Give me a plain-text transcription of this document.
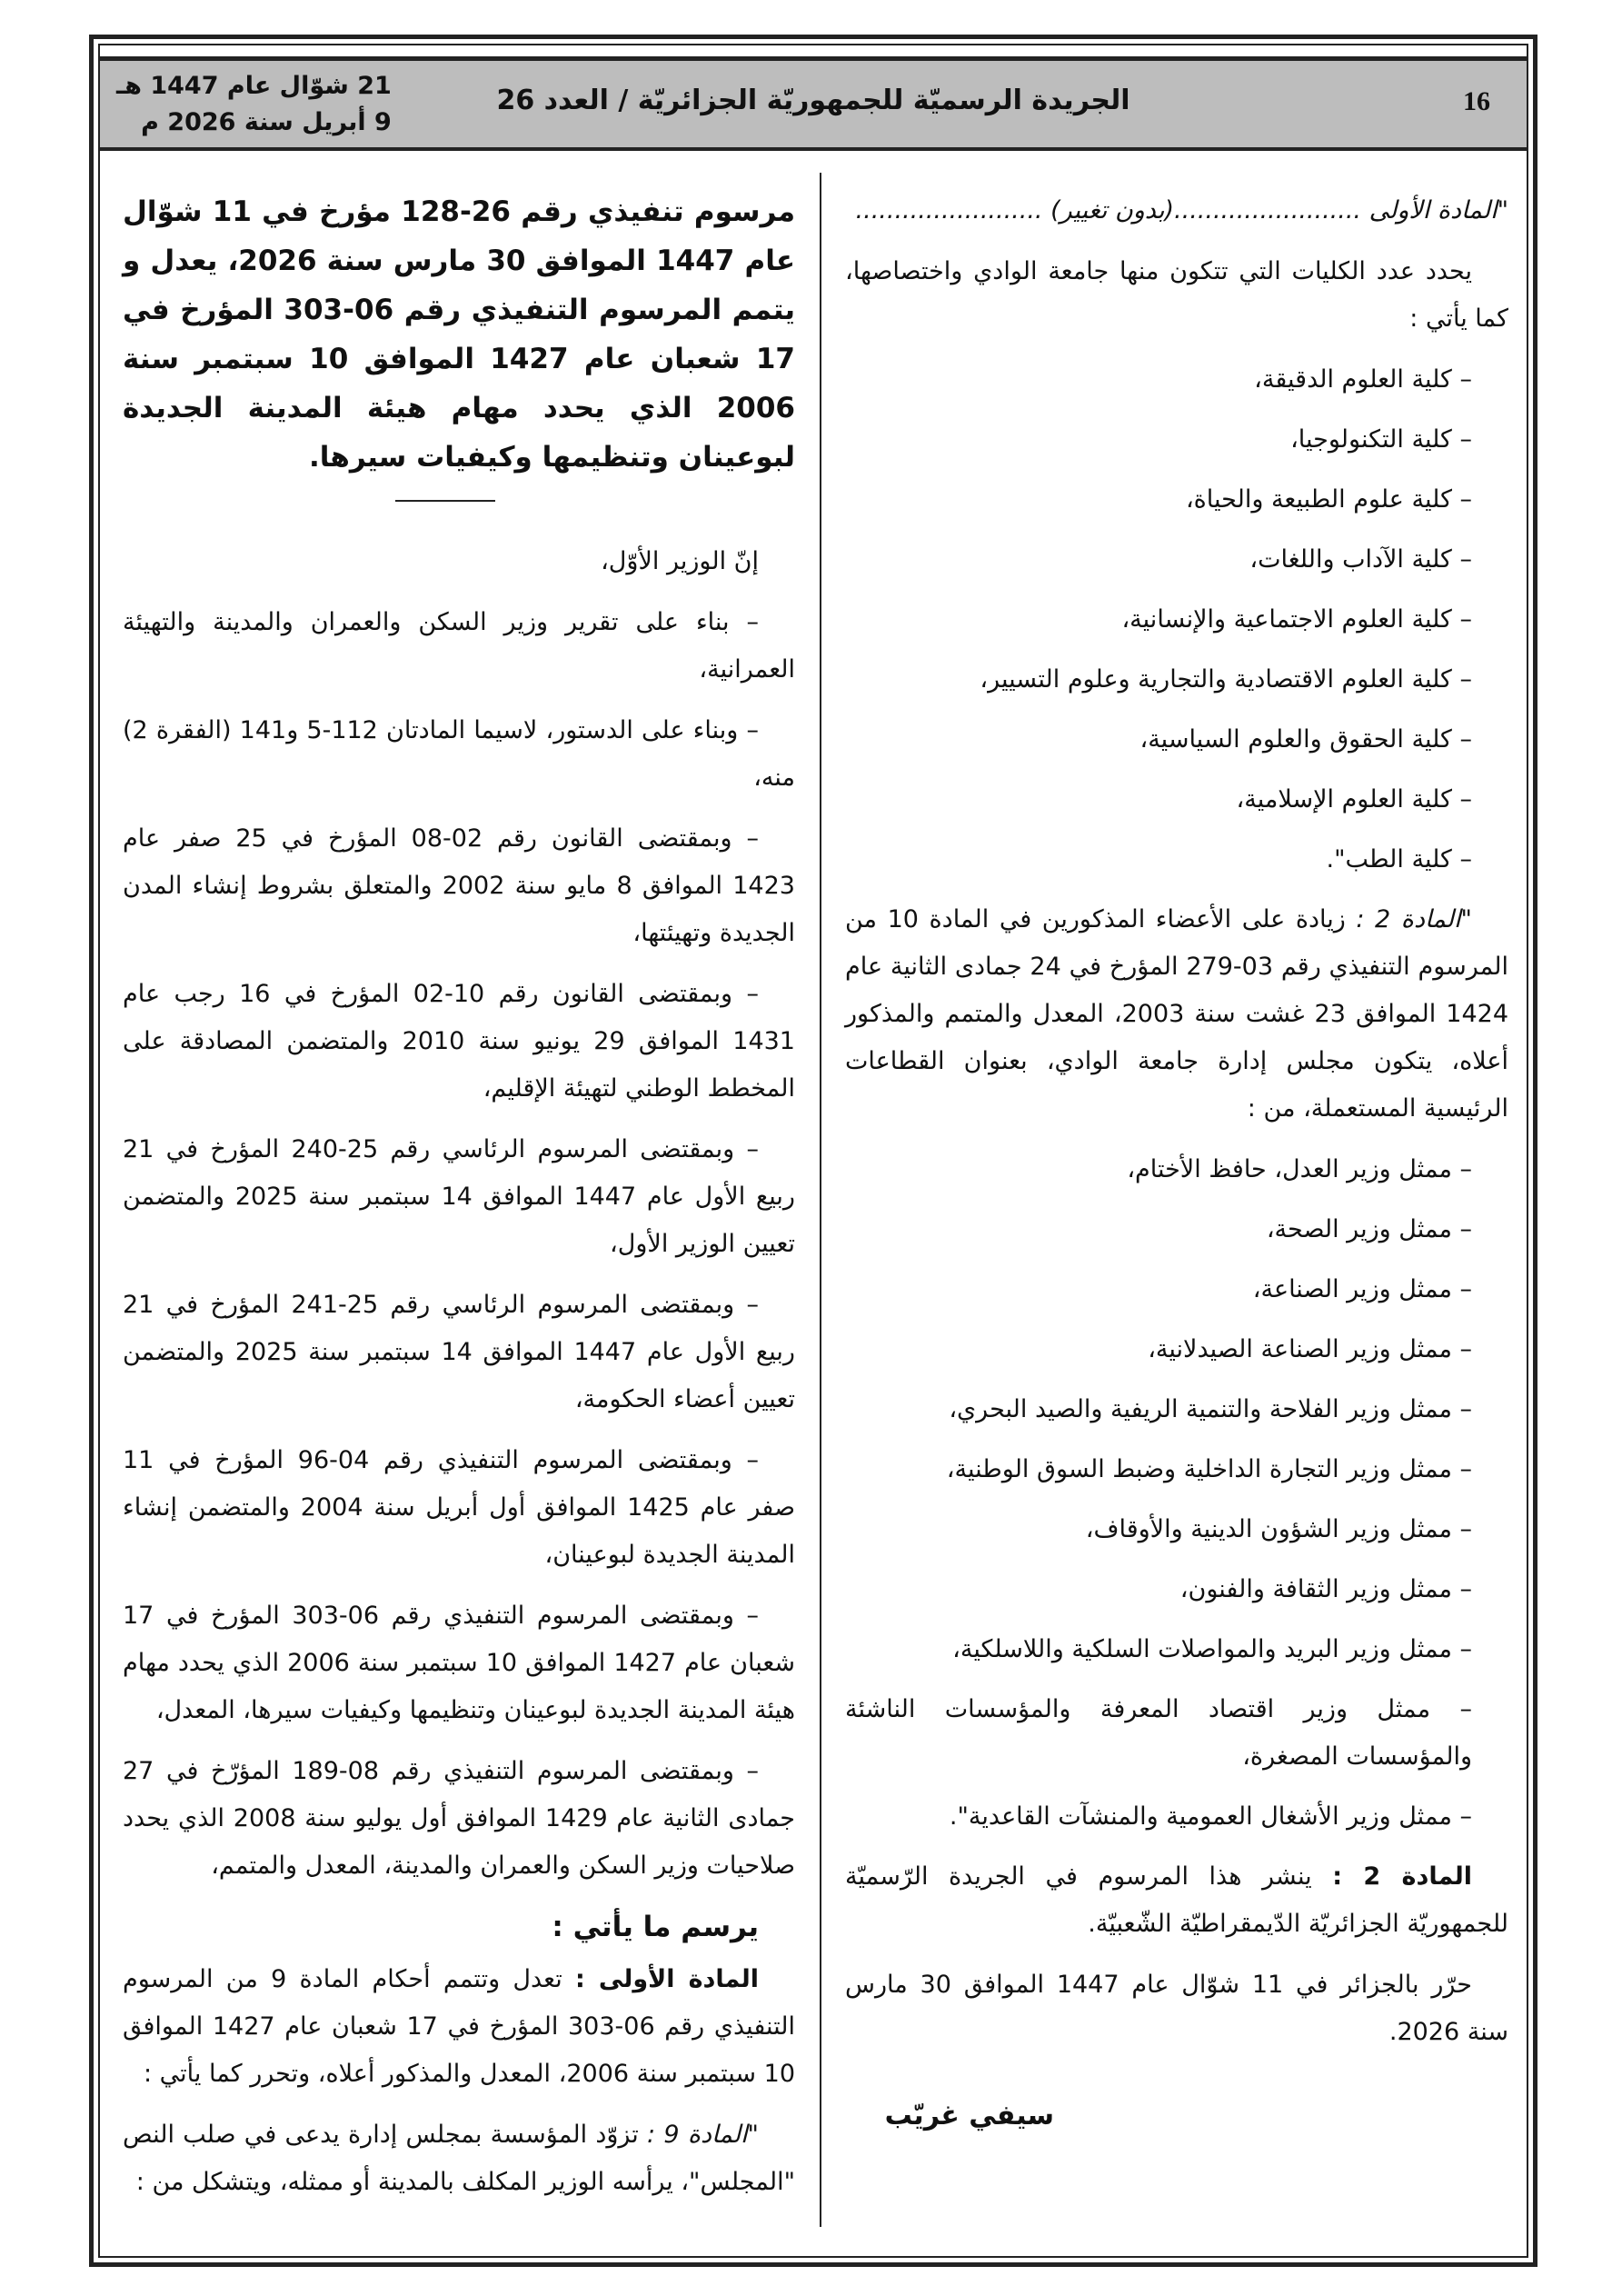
16
الجريدة الرسميّة للجمهوريّة الجزائريّة / العدد 26
21 شوّال عام 1447 هـ
9 أبريل سنة 2026 م

"المادة الأولى ........................(بدون تغيير) ........................

يحدد عدد الكليات التي تتكون منها جامعة الوادي واختصاصها، كما يأتي :

– كلية العلوم الدقيقة،

– كلية التكنولوجيا،

– كلية علوم الطبيعة والحياة،

– كلية الآداب واللغات،

– كلية العلوم الاجتماعية والإنسانية،

– كلية العلوم الاقتصادية والتجارية وعلوم التسيير،

– كلية الحقوق والعلوم السياسية،

– كلية العلوم الإسلامية،

– كلية الطب".

"المادة 2 : زيادة على الأعضاء المذكورين في المادة 10 من المرسوم التنفيذي رقم 03-279 المؤرخ في 24 جمادى الثانية عام 1424 الموافق 23 غشت سنة 2003، المعدل والمتمم والمذكور أعلاه، يتكون مجلس إدارة جامعة الوادي، بعنوان القطاعات الرئيسية المستعملة، من :

– ممثل وزير العدل، حافظ الأختام،

– ممثل وزير الصحة،

– ممثل وزير الصناعة،

– ممثل وزير الصناعة الصيدلانية،

– ممثل وزير الفلاحة والتنمية الريفية والصيد البحري،

– ممثل وزير التجارة الداخلية وضبط السوق الوطنية،

– ممثل وزير الشؤون الدينية والأوقاف،

– ممثل وزير الثقافة والفنون،

– ممثل وزير البريد والمواصلات السلكية واللاسلكية،

– ممثل وزير اقتصاد المعرفة والمؤسسات الناشئة والمؤسسات المصغرة،

– ممثل وزير الأشغال العمومية والمنشآت القاعدية".

المادة 2 : ينشر هذا المرسوم في الجريدة الرّسميّة للجمهوريّة الجزائريّة الدّيمقراطيّة الشّعبيّة.

حرّر بالجزائر في 11 شوّال عام 1447 الموافق 30 مارس سنة 2026.

سيفي غريّب

مرسوم تنفيذي رقم 26-128 مؤرخ في 11 شوّال عام 1447 الموافق 30 مارس سنة 2026، يعدل و يتمم المرسوم التنفيذي رقم 06-303 المؤرخ في 17 شعبان عام 1427 الموافق 10 سبتمبر سنة 2006 الذي يحدد مهام هيئة المدينة الجديدة لبوعينان وتنظيمها وكيفيات سيرها.

إنّ الوزير الأوّل،

– بناء على تقرير وزير السكن والعمران والمدينة والتهيئة العمرانية،

– وبناء على الدستور، لاسيما المادتان 112-5 و141 (الفقرة 2) منه،

– وبمقتضى القانون رقم 02-08 المؤرخ في 25 صفر عام 1423 الموافق 8 مايو سنة 2002 والمتعلق بشروط إنشاء المدن الجديدة وتهيئتها،

– وبمقتضى القانون رقم 10-02 المؤرخ في 16 رجب عام 1431 الموافق 29 يونيو سنة 2010 والمتضمن المصادقة على المخطط الوطني لتهيئة الإقليم،

– وبمقتضى المرسوم الرئاسي رقم 25-240 المؤرخ في 21 ربيع الأول عام 1447 الموافق 14 سبتمبر سنة 2025 والمتضمن تعيين الوزير الأول،

– وبمقتضى المرسوم الرئاسي رقم 25-241 المؤرخ في 21 ربيع الأول عام 1447 الموافق 14 سبتمبر سنة 2025 والمتضمن تعيين أعضاء الحكومة،

– وبمقتضى المرسوم التنفيذي رقم 04-96 المؤرخ في 11 صفر عام 1425 الموافق أول أبريل سنة 2004 والمتضمن إنشاء المدينة الجديدة لبوعينان،

– وبمقتضى المرسوم التنفيذي رقم 06-303 المؤرخ في 17 شعبان عام 1427 الموافق 10 سبتمبر سنة 2006 الذي يحدد مهام هيئة المدينة الجديدة لبوعينان وتنظيمها وكيفيات سيرها، المعدل،

– وبمقتضى المرسوم التنفيذي رقم 08-189 المؤرّخ في 27 جمادى الثانية عام 1429 الموافق أول يوليو سنة 2008 الذي يحدد صلاحيات وزير السكن والعمران والمدينة، المعدل والمتمم،

يرسم ما يأتي :

المادة الأولى : تعدل وتتمم أحكام المادة 9 من المرسوم التنفيذي رقم 06-303 المؤرخ في 17 شعبان عام 1427 الموافق 10 سبتمبر سنة 2006، المعدل والمذكور أعلاه، وتحرر كما يأتي :

"المادة 9 : تزوّد المؤسسة بمجلس إدارة يدعى في صلب النص "المجلس"، يرأسه الوزير المكلف بالمدينة أو ممثله، ويتشكل من :
